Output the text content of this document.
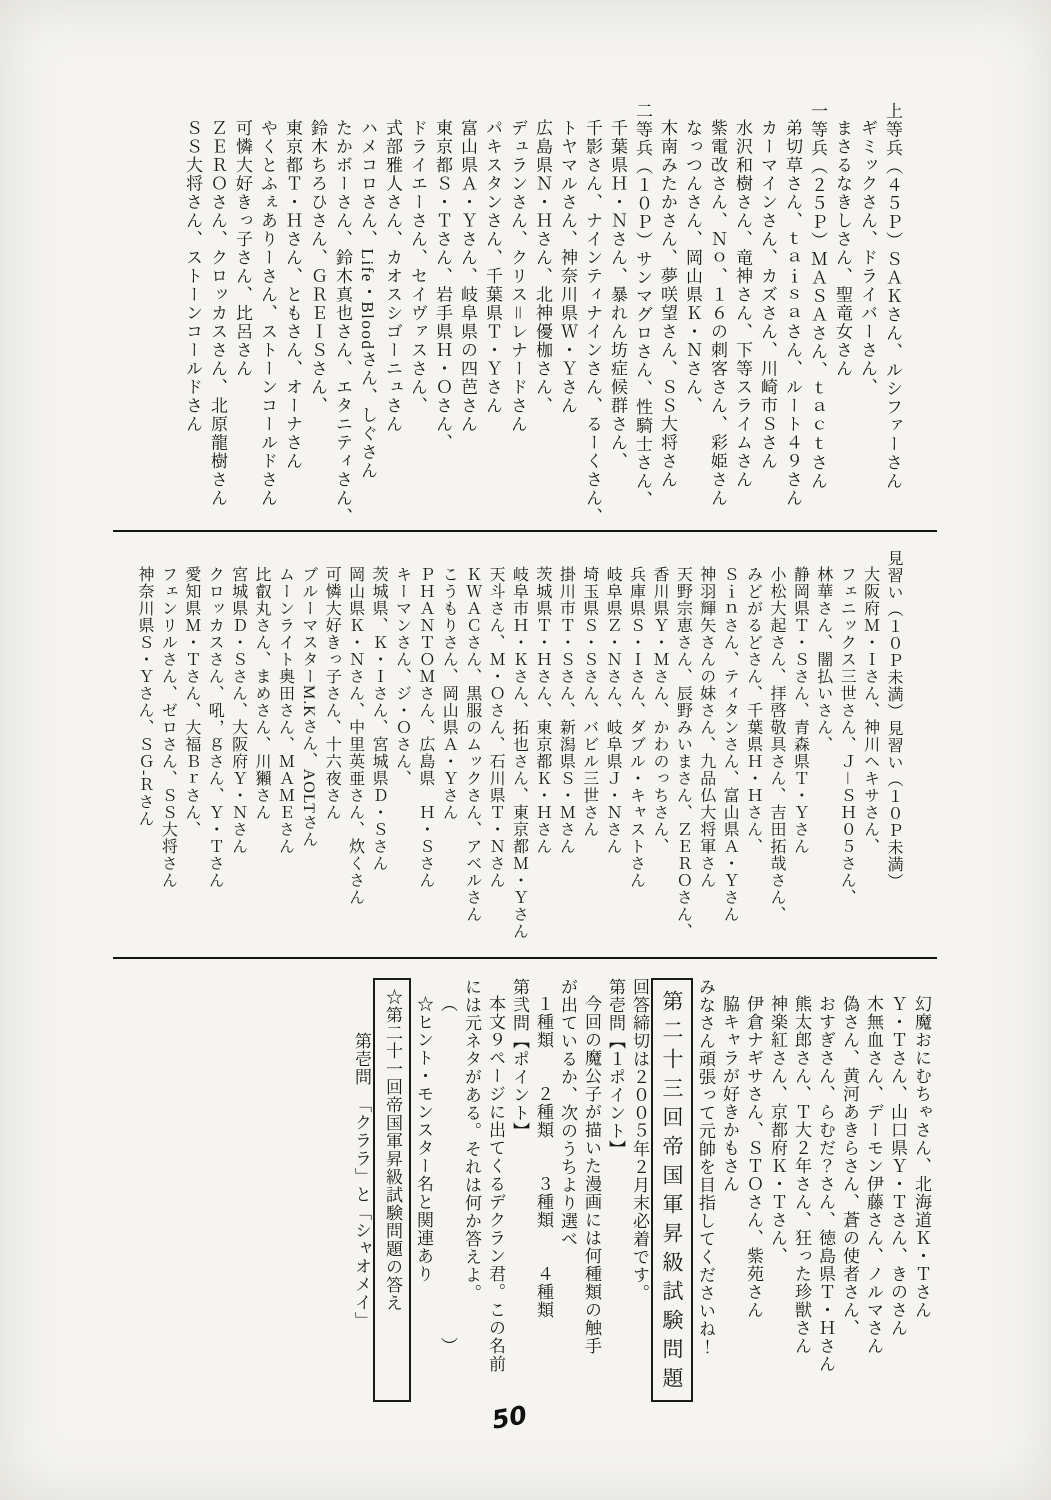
上等兵（４５Ｐ）ＳＡＫさん、ルシファーさん

ギミックさん、ドライバーさん、

まさるなきしさん、聖竜女さん

一等兵（２５Ｐ）ＭＡＳＡさん、ｔａｃｔさん

弟切草さん、ｔａｉｓａさん、ルート４９さん

カーマインさん、カズさん、川崎市Ｓさん

水沢和樹さん、竜神さん、下等スライムさん

紫電改さん、Ｎｏ、１６の刺客さん、彩姫さん

なっつんさん、岡山県Ｋ・Ｎさん、

木南みたかさん、夢咲望さん、ＳＳ大将さん

二等兵（１０Ｐ）サンマグロさん、性騎士さん、

千葉県Ｈ・Ｎさん、暴れん坊症候群さん、

千影さん、ナインティナインさん、るーくさん、

トヤマルさん、神奈川県Ｗ・Ｙさん

広島県Ｎ・Ｈさん、北神優枷さん、

デュランさん、クリス＝レナードさん

パキスタンさん、千葉県Ｔ・Ｙさん

富山県Ａ・Ｙさん、岐阜県の四芭さん

東京都Ｓ・Ｔさん、岩手県Ｈ・Ｏさん、

ドライエーさん、セイヴァスさん、

式部雅人さん、カオスシゴーニュさん

ハメコロさん、Life・Bloodさん、しぐさん

たかボーさん、鈴木真也さん、エタニティさん、

鈴木ちろひさん、ＧＲＥＩＳさん、

東京都Ｔ・Ｈさん、ともさん、オーナさん

やくとふぇありーさん、ストーンコールドさん

可憐大好きっ子さん、比呂さん

ＺＥＲＯさん、クロッカスさん、北原龍樹さん

ＳＳ大将さん、ストーンコールドさん

見習い（１０Ｐ未満）見習い（１０Ｐ未満）

大阪府Ｍ・Ｉさん、神川ヘキサさん、

フェニックス三世さん、Ｊ－ＳＨ０５さん、

林華さん、闇払いさん、

静岡県Ｔ・Ｓさん、青森県Ｔ・Ｙさん

小松大起さん、拝啓敬具さん、吉田拓哉さん、

みどがるどさん、千葉県Ｈ・Ｈさん、

Ｓｉｎさん、ティタンさん、富山県Ａ・Ｙさん

神羽輝矢さんの妹さん、九品仏大将軍さん

天野宗恵さん、辰野みいまさん、ＺＥＲＯさん、

香川県Ｙ・Ｍさん、かわのっちさん、

兵庫県Ｓ・Ｉさん、ダブル・キャストさん

岐阜県Ｚ・Ｎさん、岐阜県Ｊ・Ｎさん

埼玉県Ｓ・Ｓさん、バビル三世さん

掛川市Ｔ・Ｓさん、新潟県Ｓ・Ｍさん

茨城県Ｔ・Ｈさん、東京都Ｋ・Ｈさん

岐阜市Ｈ・Ｋさん、拓也さん、東京都Ｍ・Ｙさん

天斗さん、Ｍ・Ｏさん、石川県Ｔ・Ｎさん

ＫＷＡＣさん、黒服のムックさん、アベルさん

こうもりさん、岡山県Ａ・Ｙさん

ＰＨＡＮＴＯＭさん、広島県　Ｈ・Ｓさん

キーマンさん、ジ・Ｏさん、

茨城県、Ｋ・Ｉさん、宮城県Ｄ・Ｓさん

岡山県Ｋ・Ｎさん、中里英亜さん、炊くさん

可憐大好きっ子さん、十六夜さん

ブルーマスターM.Kさん、AOLTさん

ムーンライト奥田さん、ＭＡＭＥさん

比叡丸さん、まめさん、川獺さん

宮城県Ｄ・Ｓさん、大阪府Ｙ・Ｎさん

クロッカスさん、吼，ｇさん、Ｙ・Ｔさん

愛知県Ｍ・Ｔさん、大福Ｂｒさん、

フェンリルさん、ゼロさん、ＳＳ大将さん

神奈川県Ｓ・Ｙさん、ＳＧ‐Ｒさん

幻魔おにむちゃさん、北海道Ｋ・Ｔさん

Ｙ・Ｔさん、山口県Ｙ・Ｔさん、きのさん

木無血さん、デーモン伊藤さん、ノルマさん

偽さん、黄河あきらさん、蒼の使者さん、

おすぎさん、らむだ？さん、徳島県Ｔ・Ｈさん

熊太郎さん、Ｔ大２年さん、狂った珍獣さん

神楽紅さん、京都府Ｋ・Ｔさん、

伊倉ナギサさん、ＳＴＯさん、紫苑さん

脇キャラが好きかもさん

みなさん頑張って元帥を目指してくださいね！

第二十三回帝国軍昇級試験問題

回答締切は２００５年２月末必着です。

第壱問【１ポイント】

今回の魔公子が描いた漫画には何種類の触手

が出ているか、次のうちより選べ

１種類　　２種類　　３種類　　４種類

第弐問【ポイント】

本文９ページに出てくるデクラン君。この名前

には元ネタがある。それは何か答えよ。

（　　　　　　　　　　　　　　　　　　）

☆ヒント・モンスター名と関連あり

☆第二十一回帝国軍昇級試験問題の答え

第壱問　「クララ」と「シャオメイ」

50
